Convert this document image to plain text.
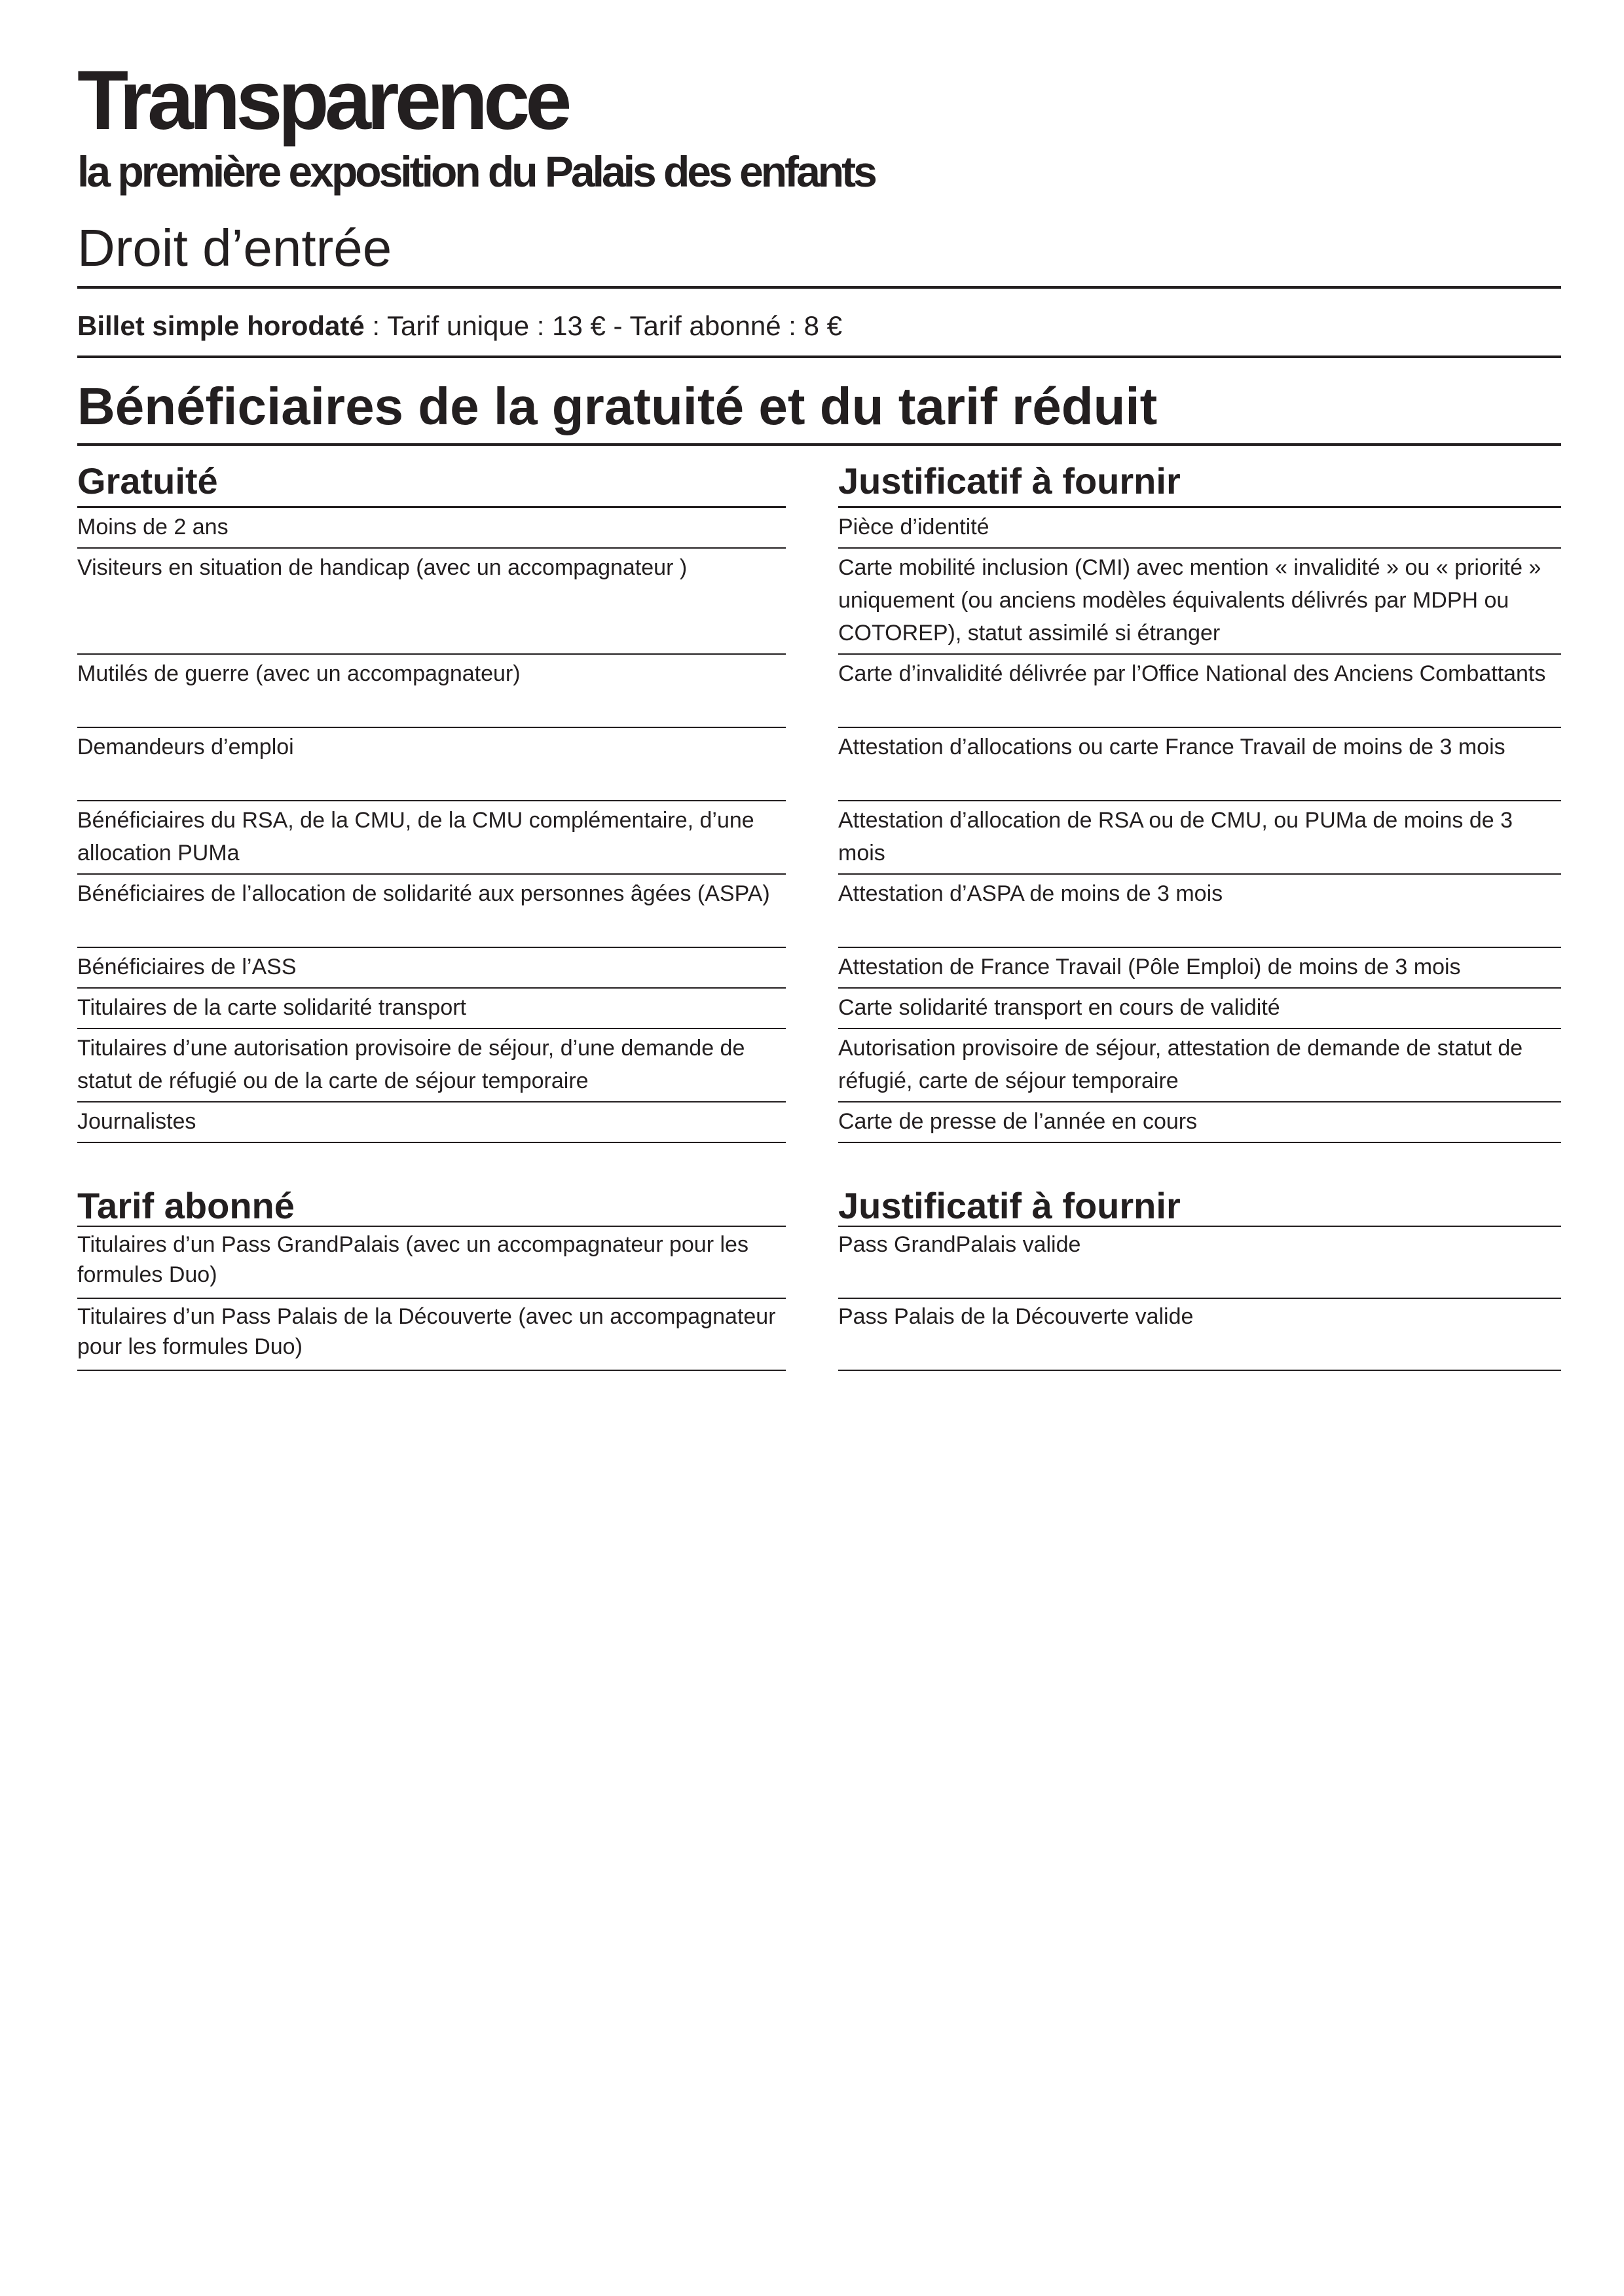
Transparence
la première exposition du Palais des enfants
Droit d’entrée
Billet simple horodaté : Tarif unique : 13 € - Tarif abonné : 8 €
Bénéficiaires de la gratuité et du tarif réduit
Gratuité
Moins de 2 ans
Visiteurs en situation de handicap (avec un accompagnateur )
Mutilés de guerre (avec un accompagnateur)
Demandeurs d’emploi
Bénéficiaires du RSA, de la CMU, de la CMU complémentaire, d’une allocation PUMa
Bénéficiaires de l’allocation de solidarité aux personnes âgées (ASPA)
Bénéficiaires de l’ASS
Titulaires de la carte solidarité transport
Titulaires d’une autorisation provisoire de séjour, d’une demande de statut de réfugié ou de la carte de séjour temporaire
Journalistes
Justificatif à fournir
Pièce d’identité
Carte mobilité inclusion (CMI) avec mention « invalidité » ou « priorité » uniquement (ou anciens modèles équivalents délivrés par MDPH ou COTOREP), statut assimilé si étranger
Carte d’invalidité délivrée par l’Office National des Anciens Combattants
Attestation d’allocations ou carte France Travail de moins de 3 mois
Attestation d’allocation de RSA ou de CMU, ou PUMa de moins de 3 mois
Attestation d’ASPA de moins de 3 mois
Attestation de France Travail (Pôle Emploi) de moins de 3 mois
Carte solidarité transport en cours de validité
Autorisation provisoire de séjour, attestation de demande de statut de réfugié, carte de séjour temporaire
Carte de presse de l’année en cours
Tarif abonné
Titulaires d’un Pass GrandPalais (avec un accompagnateur pour les formules Duo)
Titulaires d’un Pass Palais de la Découverte (avec un accompagnateur pour les formules Duo)
Justificatif à fournir
Pass GrandPalais valide
Pass Palais de la Découverte valide
